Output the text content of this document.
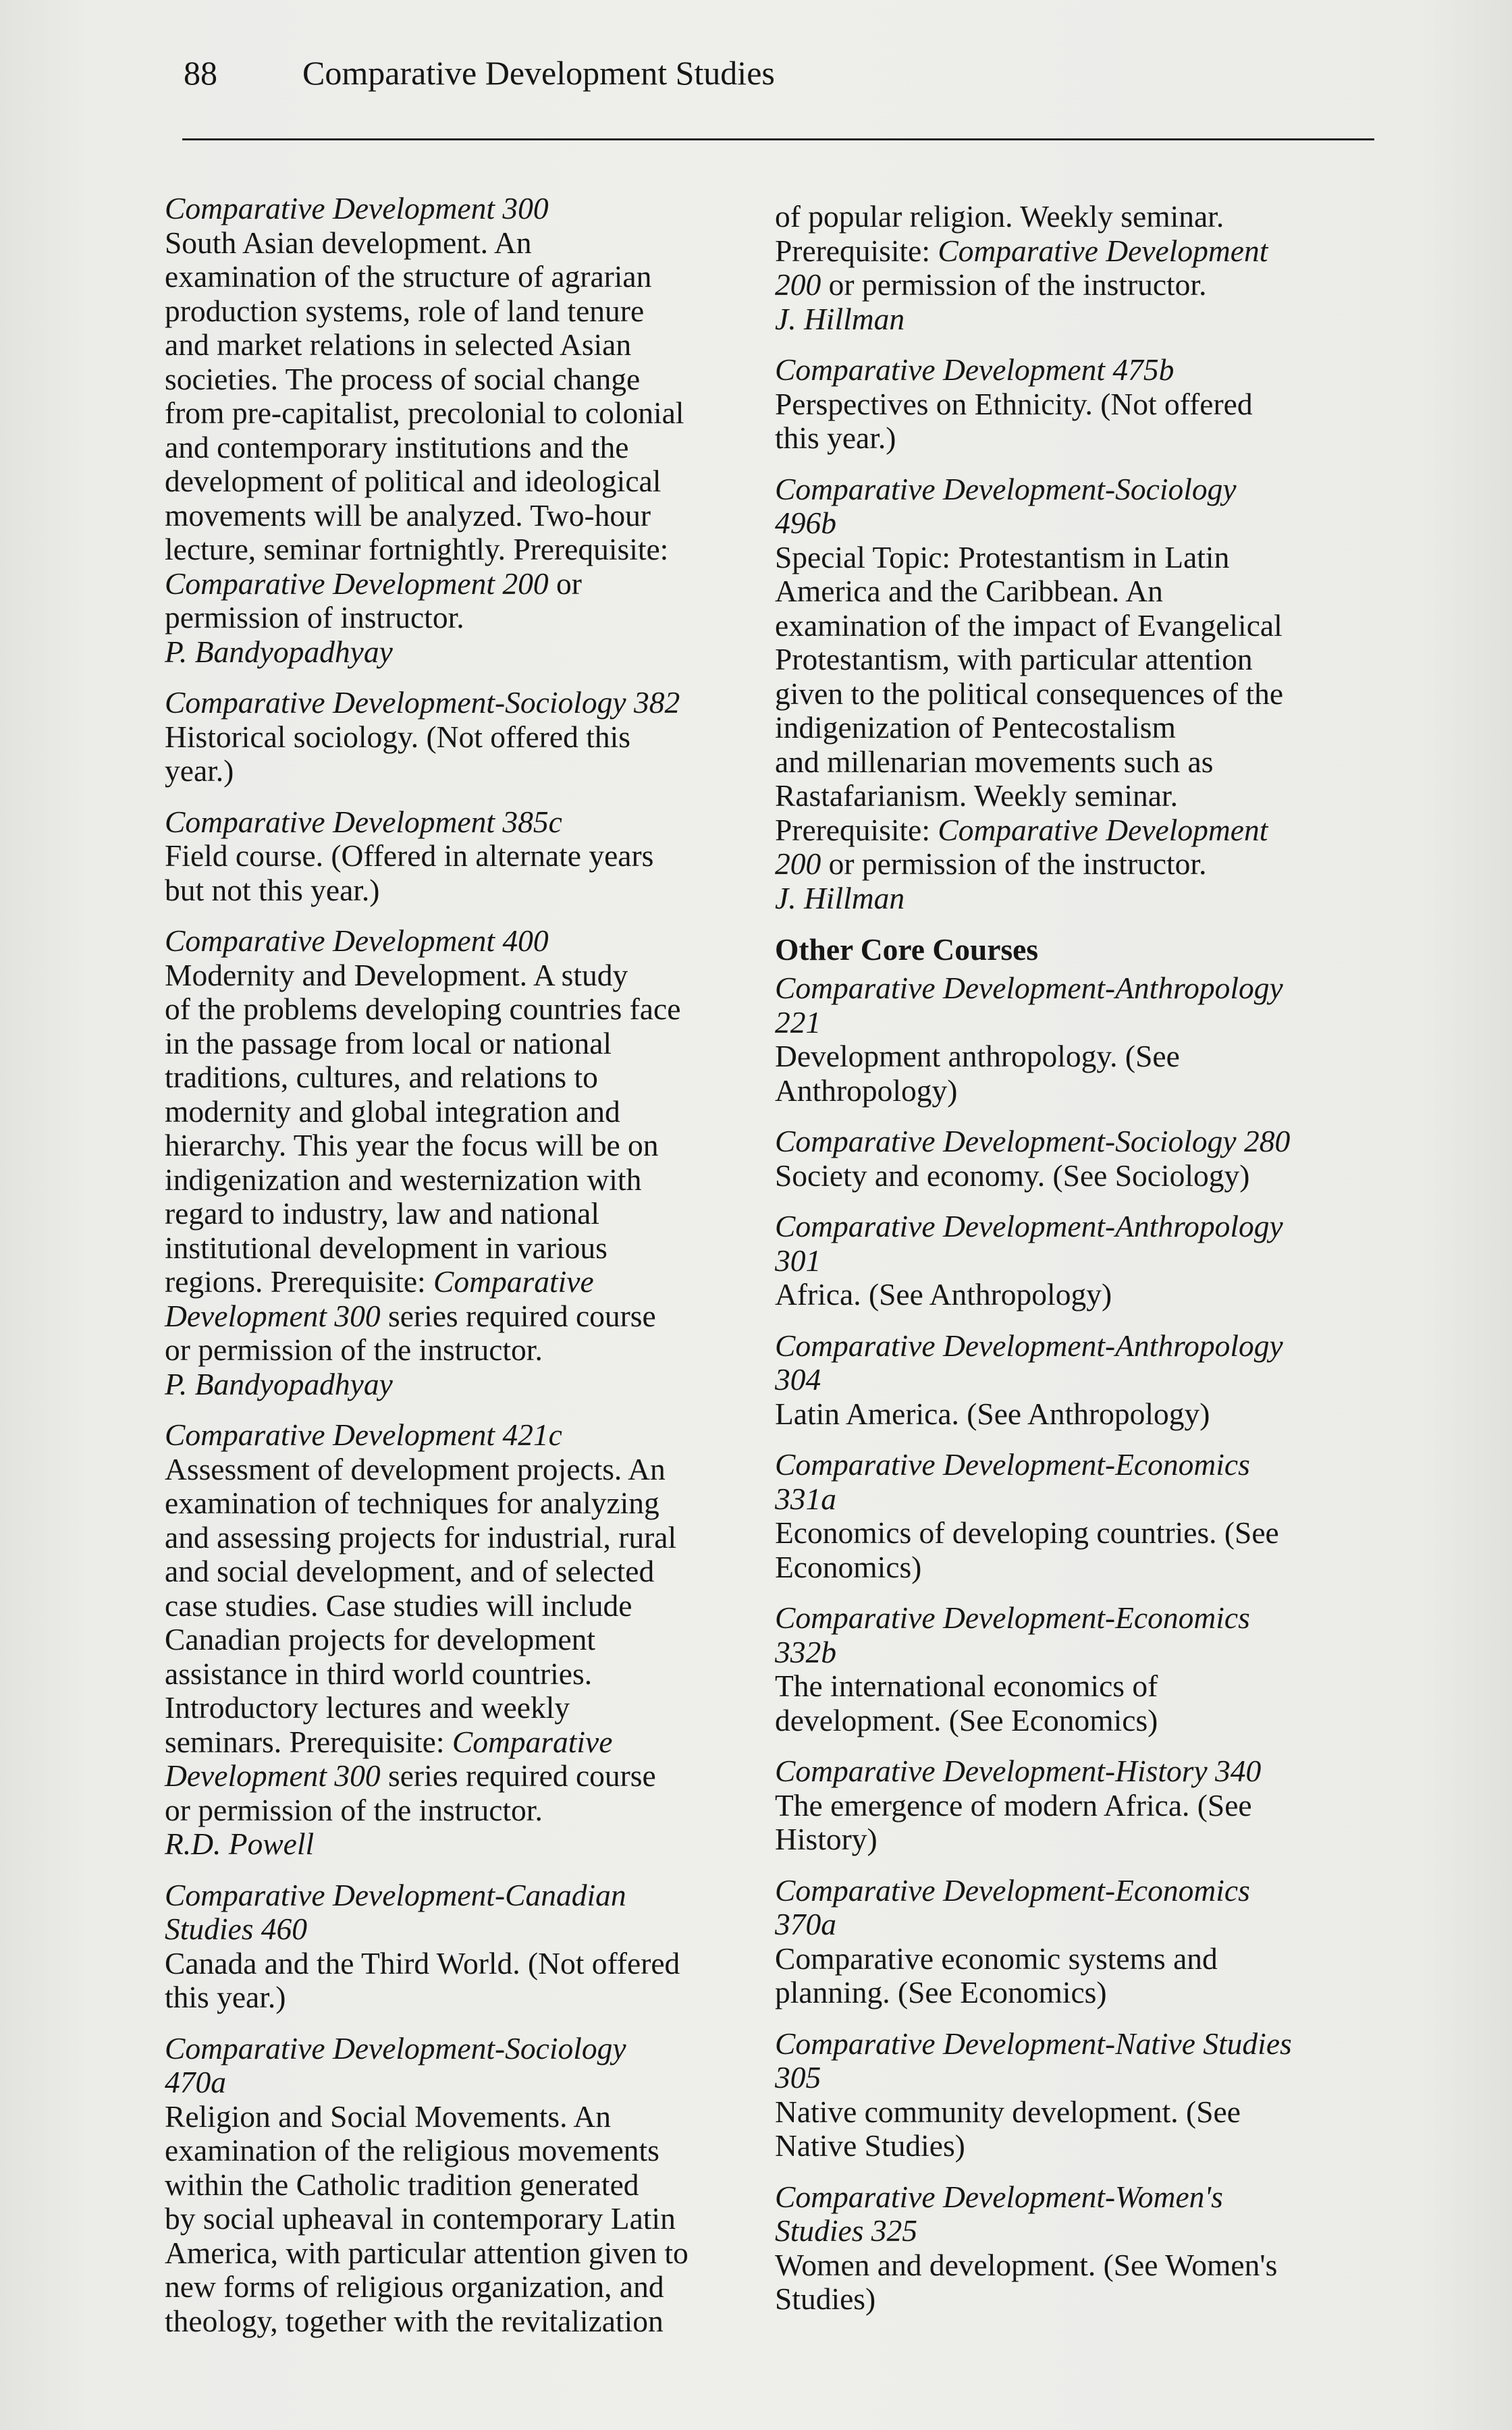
88	Comparative Development Studies
Comparative Development 300
South Asian development. An
examination of the structure of agrarian
production systems, role of land tenure
and market relations in selected Asian
societies. The process of social change
from pre-capitalist, precolonial to colonial
and contemporary institutions and the
development of political and ideological
movements will be analyzed. Two-hour
lecture, seminar fortnightly. Prerequisite:
Comparative Development 200 or
permission of instructor.
P. Bandyopadhyay
Comparative Development-Sociology 382
Historical sociology. (Not offered this
year.)
Comparative Development 385c
Field course. (Offered in alternate years
but not this year.)
Comparative Development 400
Modernity and Development. A study
of the problems developing countries face
in the passage from local or national
traditions, cultures, and relations to
modernity and global integration and
hierarchy. This year the focus will be on
indigenization and westernization with
regard to industry, law and national
institutional development in various
regions. Prerequisite: Comparative
Development 300 series required course
or permission of the instructor.
P. Bandyopadhyay
Comparative Development 421c
Assessment of development projects. An
examination of techniques for analyzing
and assessing projects for industrial, rural
and social development, and of selected
case studies. Case studies will include
Canadian projects for development
assistance in third world countries.
Introductory lectures and weekly
seminars. Prerequisite: Comparative
Development 300 series required course
or permission of the instructor.
R.D. Powell
Comparative Development-Canadian
Studies 460
Canada and the Third World. (Not offered
this year.)
Comparative Development-Sociology
470a
Religion and Social Movements. An
examination of the religious movements
within the Catholic tradition generated
by social upheaval in contemporary Latin
America, with particular attention given to
new forms of religious organization, and
theology, together with the revitalization
of popular religion. Weekly seminar.
Prerequisite: Comparative Development
200 or permission of the instructor.
J. Hillman
Comparative Development 475b
Perspectives on Ethnicity. (Not offered
this year.)
Comparative Development-Sociology
496b
Special Topic: Protestantism in Latin
America and the Caribbean. An
examination of the impact of Evangelical
Protestantism, with particular attention
given to the political consequences of the
indigenization of Pentecostalism
and millenarian movements such as
Rastafarianism. Weekly seminar.
Prerequisite: Comparative Development
200 or permission of the instructor.
J. Hillman
Other Core Courses
Comparative Development-Anthropology
221
Development anthropology. (See
Anthropology)
Comparative Development-Sociology 280
Society and economy. (See Sociology)
Comparative Development-Anthropology
301
Africa. (See Anthropology)
Comparative Development-Anthropology
304
Latin America. (See Anthropology)
Comparative Development-Economics
331a
Economics of developing countries. (See
Economics)
Comparative Development-Economics
332b
The international economics of
development. (See Economics)
Comparative Development-History 340
The emergence of modern Africa. (See
History)
Comparative Development-Economics
370a
Comparative economic systems and
planning. (See Economics)
Comparative Development-Native Studies
305
Native community development. (See
Native Studies)
Comparative Development-Women's
Studies 325
Women and development. (See Women's
Studies)
